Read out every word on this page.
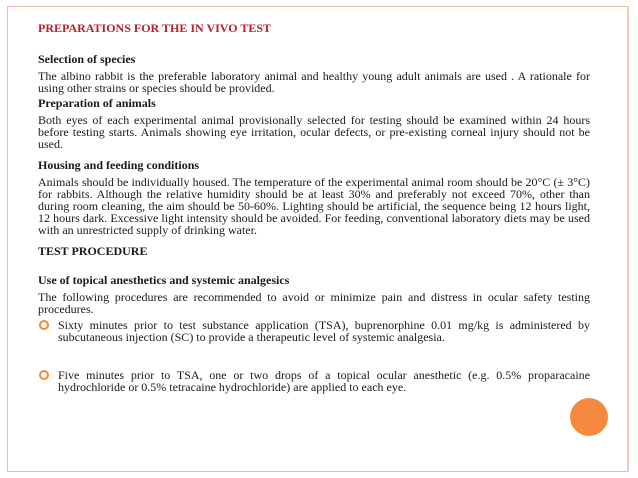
PREPARATIONS FOR THE IN VIVO TEST

Selection of species

The albino rabbit is the preferable laboratory animal and healthy young adult animals are used . A rationale for using other strains or species should be provided.

Preparation of animals

Both eyes of each experimental animal provisionally selected for testing should be examined within 24 hours before testing starts. Animals showing eye irritation, ocular defects, or pre-existing corneal injury should not be used.

Housing and feeding conditions

Animals should be individually housed. The temperature of the experimental animal room should be 20°C (± 3°C) for rabbits. Although the relative humidity should be at least 30% and preferably not exceed 70%, other than during room cleaning, the aim should be 50-60%. Lighting should be artificial, the sequence being 12 hours light, 12 hours dark. Excessive light intensity should be avoided. For feeding, conventional laboratory diets may be used with an unrestricted supply of drinking water.

TEST PROCEDURE

Use of topical anesthetics and systemic analgesics

The following procedures are recommended to avoid or minimize pain and distress in ocular safety testing procedures.

Sixty minutes prior to test substance application (TSA), buprenorphine 0.01 mg/kg is administered by subcutaneous injection (SC) to provide a therapeutic level of systemic analgesia.
Five minutes prior to TSA, one or two drops of a topical ocular anesthetic (e.g. 0.5% proparacaine hydrochloride or 0.5% tetracaine hydrochloride) are applied to each eye.
